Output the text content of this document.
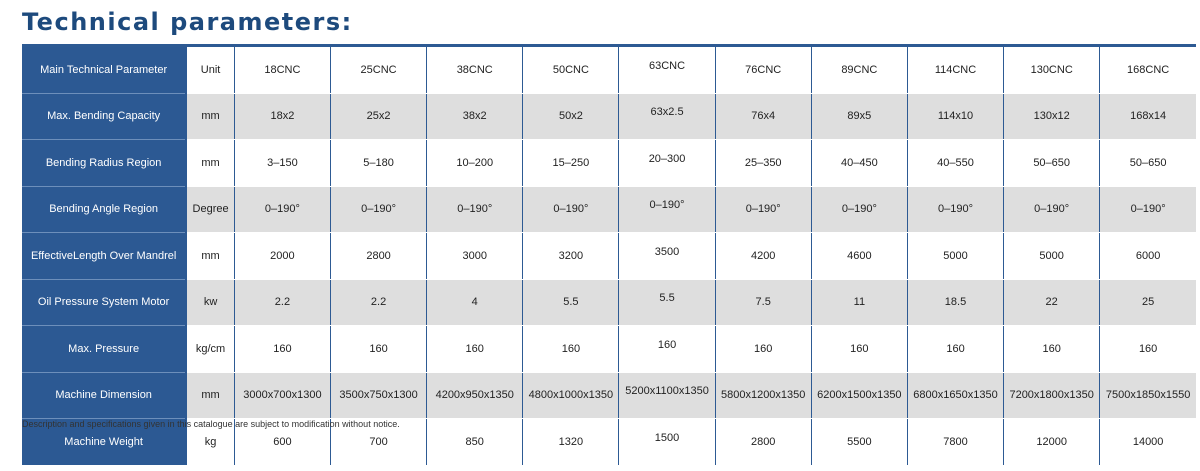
Technical parameters:
Main Technical Parameter	Unit	18CNC	25CNC	38CNC	50CNC	63CNC	76CNC	89CNC	114CNC	130CNC	168CNC
Max. Bending Capacity	mm	18x2	25x2	38x2	50x2	63x2.5	76x4	89x5	114x10	130x12	168x14
Bending Radius Region	mm	3–150	5–180	10–200	15–250	20–300	25–350	40–450	40–550	50–650	50–650
Bending Angle Region	Degree	0–190°	0–190°	0–190°	0–190°	0–190°	0–190°	0–190°	0–190°	0–190°	0–190°
EffectiveLength Over Mandrel	mm	2000	2800	3000	3200	3500	4200	4600	5000	5000	6000
Oil Pressure System Motor	kw	2.2	2.2	4	5.5	5.5	7.5	11	18.5	22	25
Max. Pressure	kg/cm	160	160	160	160	160	160	160	160	160	160
Machine Dimension	mm	3000x700x1300	3500x750x1300	4200x950x1350	4800x1000x1350	5200x1100x1350	5800x1200x1350	6200x1500x1350	6800x1650x1350	7200x1800x1350	7500x1850x1550
Machine Weight	kg	600	700	850	1320	1500	2800	5500	7800	12000	14000
Description and specifications given in this catalogue are subject to modification without notice.
